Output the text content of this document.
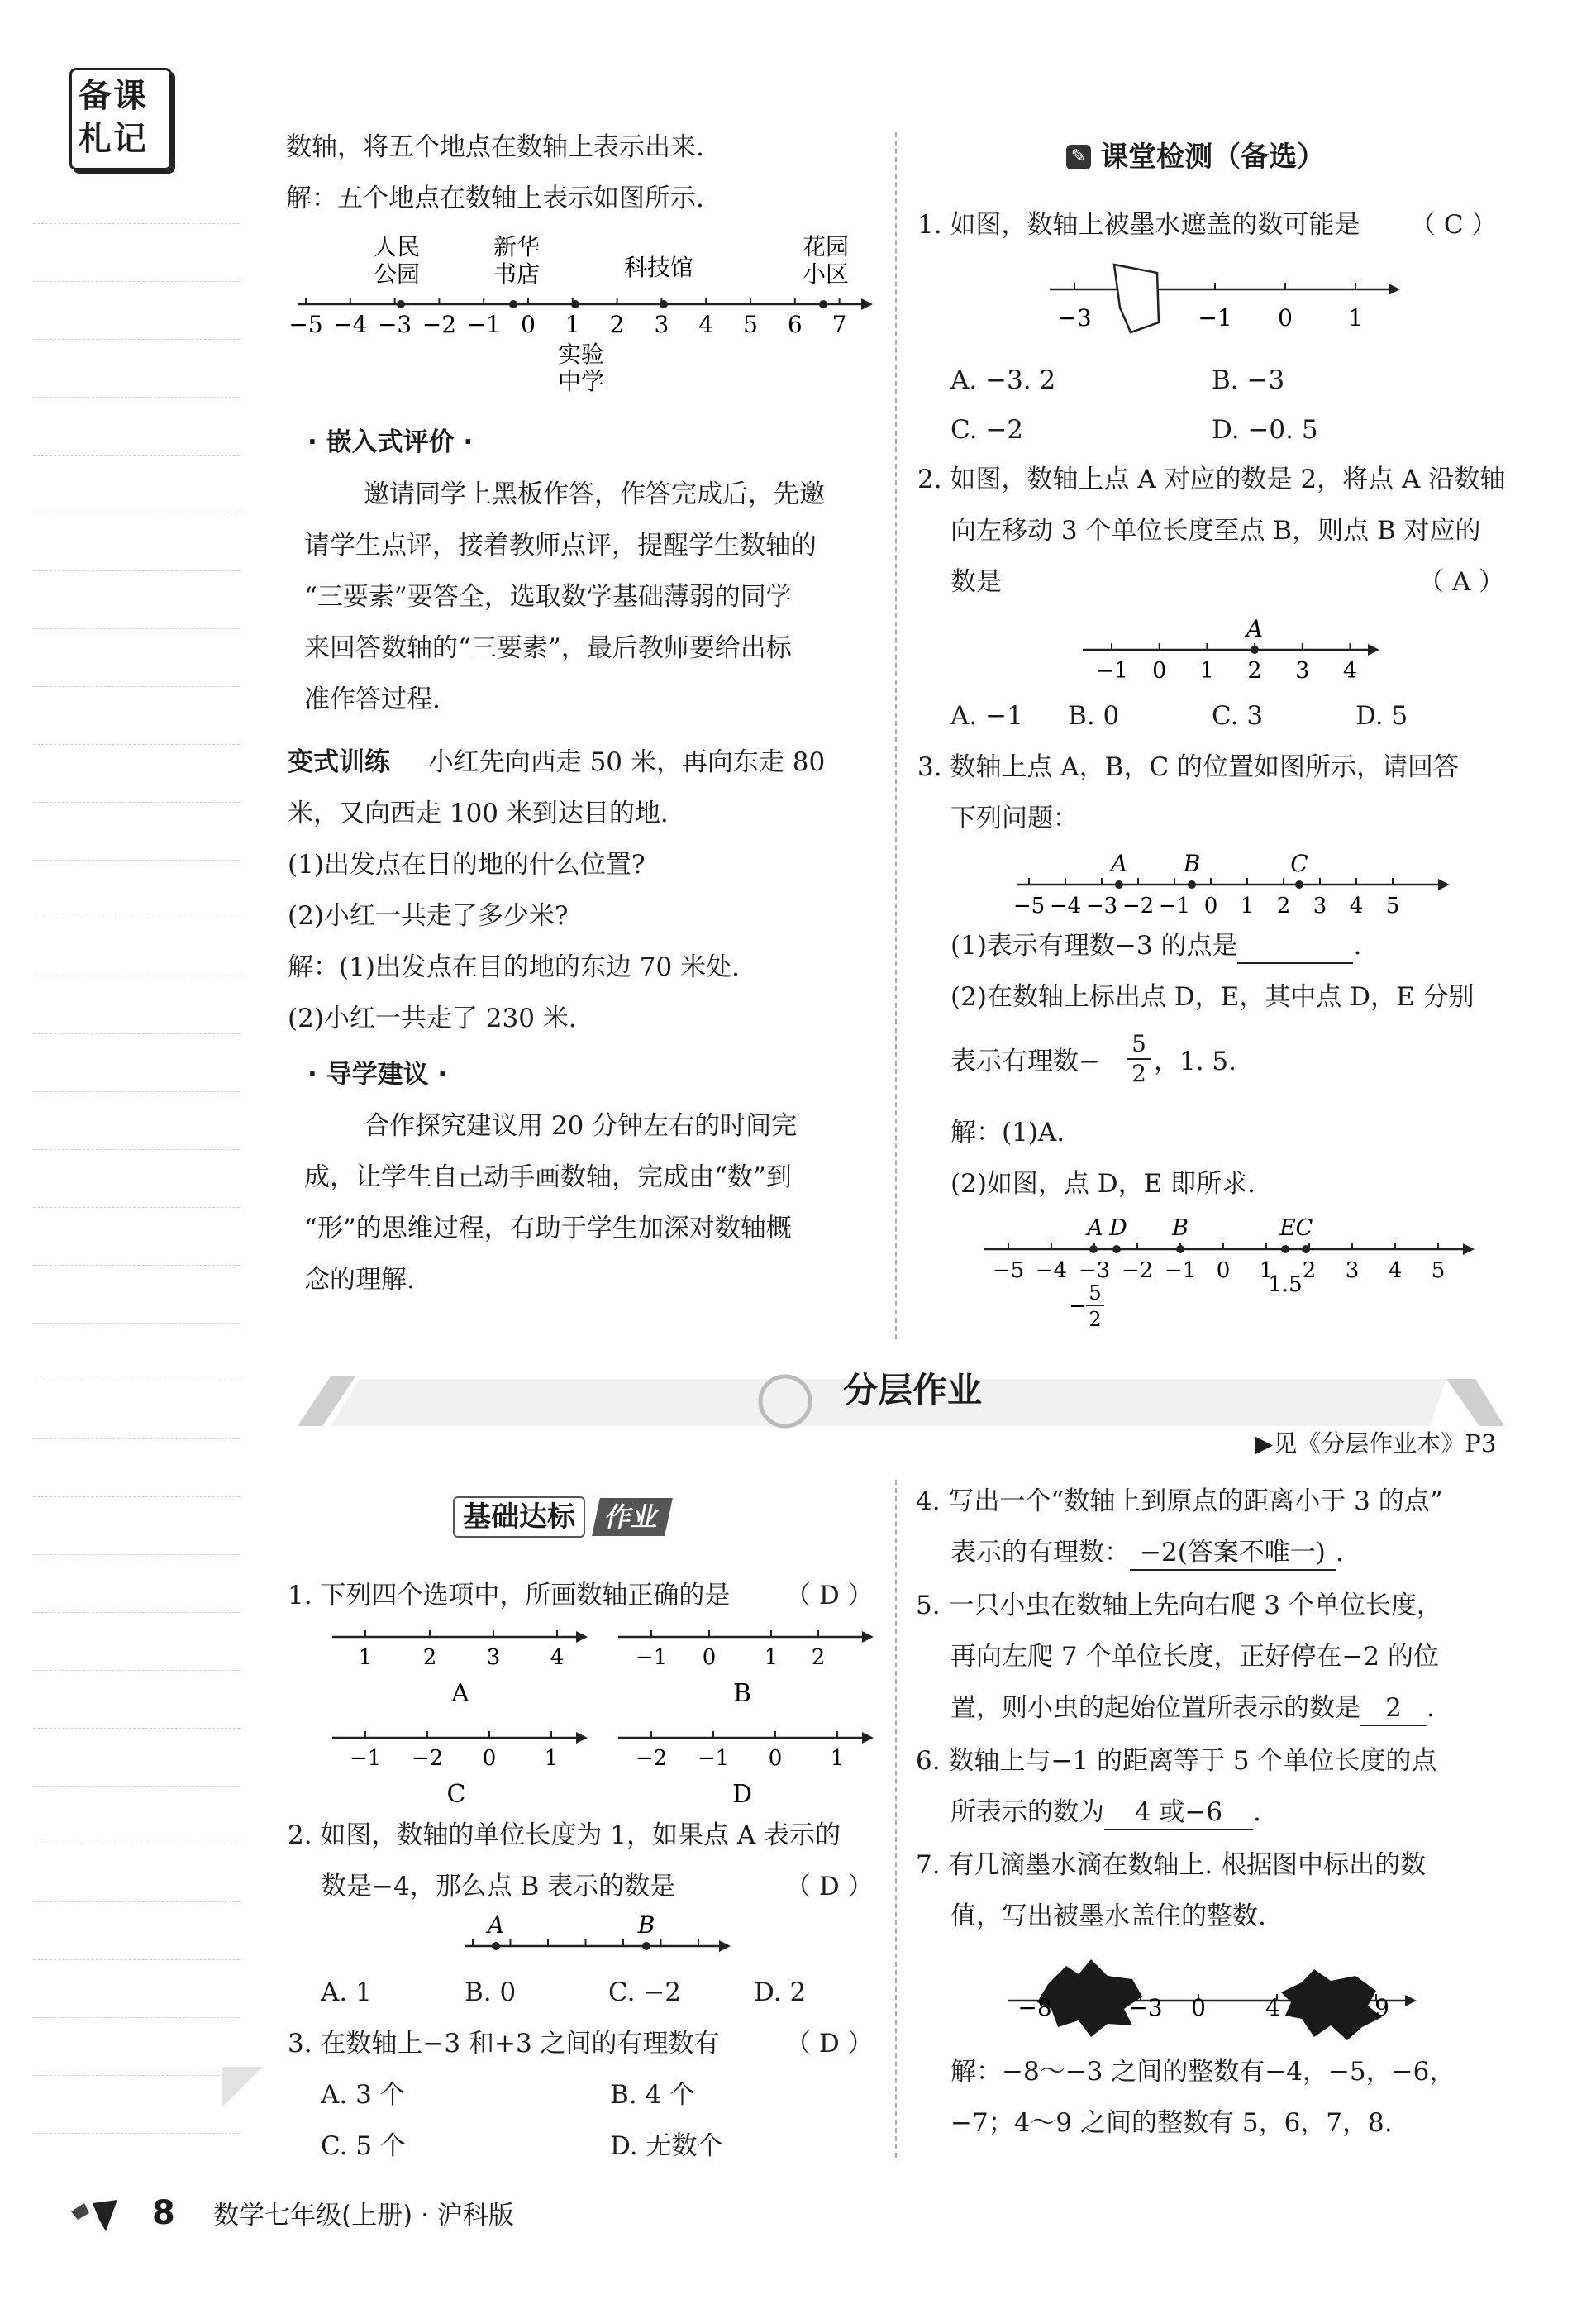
备课
札记	数轴，将五个地点在数轴上表示出来.
解：五个地点在数轴上表示如图所示.
−5 −4 −3 −2 −1 0 1 2 3 4 5 6 7
人民
公园
新华
书店	科技馆
花园
小区
实验
中学
· 嵌入式评价 ·
邀请同学上黑板作答，作答完成后，先邀
请学生点评，接着教师点评，提醒学生数轴的
“三要素”要答全，选取数学基础薄弱的同学
来回答数轴的“三要素”，最后教师要给出标
准作答过程.
变式训练 小红先向西走 50 米，再向东走 80
米，又向西走 100 米到达目的地.
(1)出发点在目的地的什么位置?
(2)小红一共走了多少米?
解：(1)出发点在目的地的东边 70 米处.
(2)小红一共走了 230 米.
· 导学建议 ·
合作探究建议用 20 分钟左右的时间完
成，让学生自己动手画数轴，完成由“数”到
“形”的思维过程，有助于学生加深对数轴概
念的理解.
✎ 课堂检测（备选）
1. 如图，数轴上被墨水遮盖的数可能是 （ C ）
−3	−1 0 1
A. −3. 2	B. −3
C. −2	D. −0. 5
2. 如图，数轴上点 A 对应的数是 2，将点 A 沿数轴
向左移动 3 个单位长度至点 B，则点 B 对应的
数是	（ A ）
−1 0 1 2 3 4
A
A. −1 B. 0	C. 3	D. 5
3. 数轴上点 A，B，C 的位置如图所示，请回答
下列问题：
−5 −4 −3 −2 −1 0 1 2 3 4 5
A B	C
(1)表示有理数−3 的点是	.
(2)在数轴上标出点 D，E，其中点 D，E 分别
表示有理数− $\frac{5}{2}$ ，1. 5.
解：(1)A.
(2)如图，点 D，E 即所求.
−5 −4 −3 −2 −1 0 1 2 3 4 5
A D B	E C
−
5
2
1.5
分层作业
▶见《分层作业本》P3
基础达标 作业
1. 下列四个选项中，所画数轴正确的是 （ D ）
1 2 3 4
A
−1 0 1 2
B
−1 −2 0 1
C
−2 −1 0 1
D
2. 如图，数轴的单位长度为 1，如果点 A 表示的
数是−4，那么点 B 表示的数是	（ D ）
A	B
A. 1	B. 0	C. −2	D. 2
3. 在数轴上−3 和+3 之间的有理数有	（ D ）
A. 3 个	B. 4 个
C. 5 个	D. 无数个
4. 写出一个“数轴上到原点的距离小于 3 的点”
表示的有理数： −2(答案不唯一) .
5. 一只小虫在数轴上先向右爬 3 个单位长度，
再向左爬 7 个单位长度，正好停在−2 的位
置，则小虫的起始位置所表示的数是 2 .
6. 数轴上与−1 的距离等于 5 个单位长度的点
所表示的数为 4 或−6 .
7. 有几滴墨水滴在数轴上. 根据图中标出的数
值，写出被墨水盖住的整数.
−8	−3 0	4	9
解：−8～−3 之间的整数有−4，−5，−6，
−7；4～9 之间的整数有 5，6，7，8.
8 数学七年级(上册) · 沪科版
